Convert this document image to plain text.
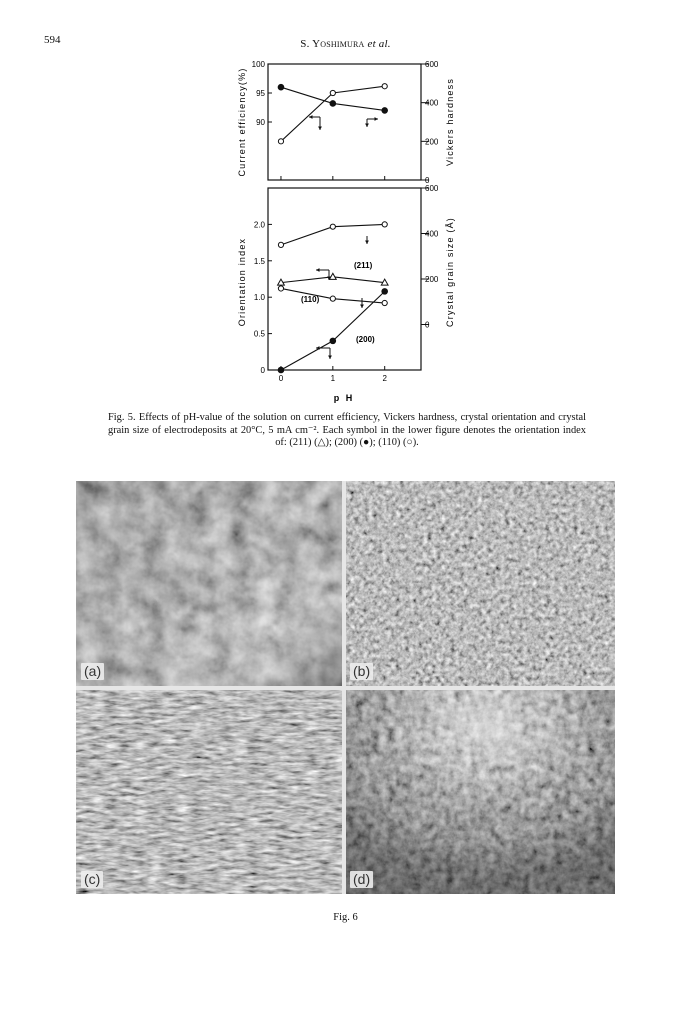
594	S. Yoshimura et al.
90
95
100
0
200
400
600
0
0.5
1.0
1.5
2.0
0
200
400
600
0	1	2
Current efficiency(%)	Vickers hardness
Orientation index	Crystal grain size (Å)
p H
(211)
(110)
(200)
Fig. 5. Effects of pH-value of the solution on current efficiency, Vickers hardness, crystal orientation and crystal grain size of electrodeposits at 20°C, 5 mA cm⁻². Each symbol in the lower figure denotes the orientation index of: (211) (△); (200) (●); (110) (○).
(a)	(b)
(c)	(d)
Fig. 6
